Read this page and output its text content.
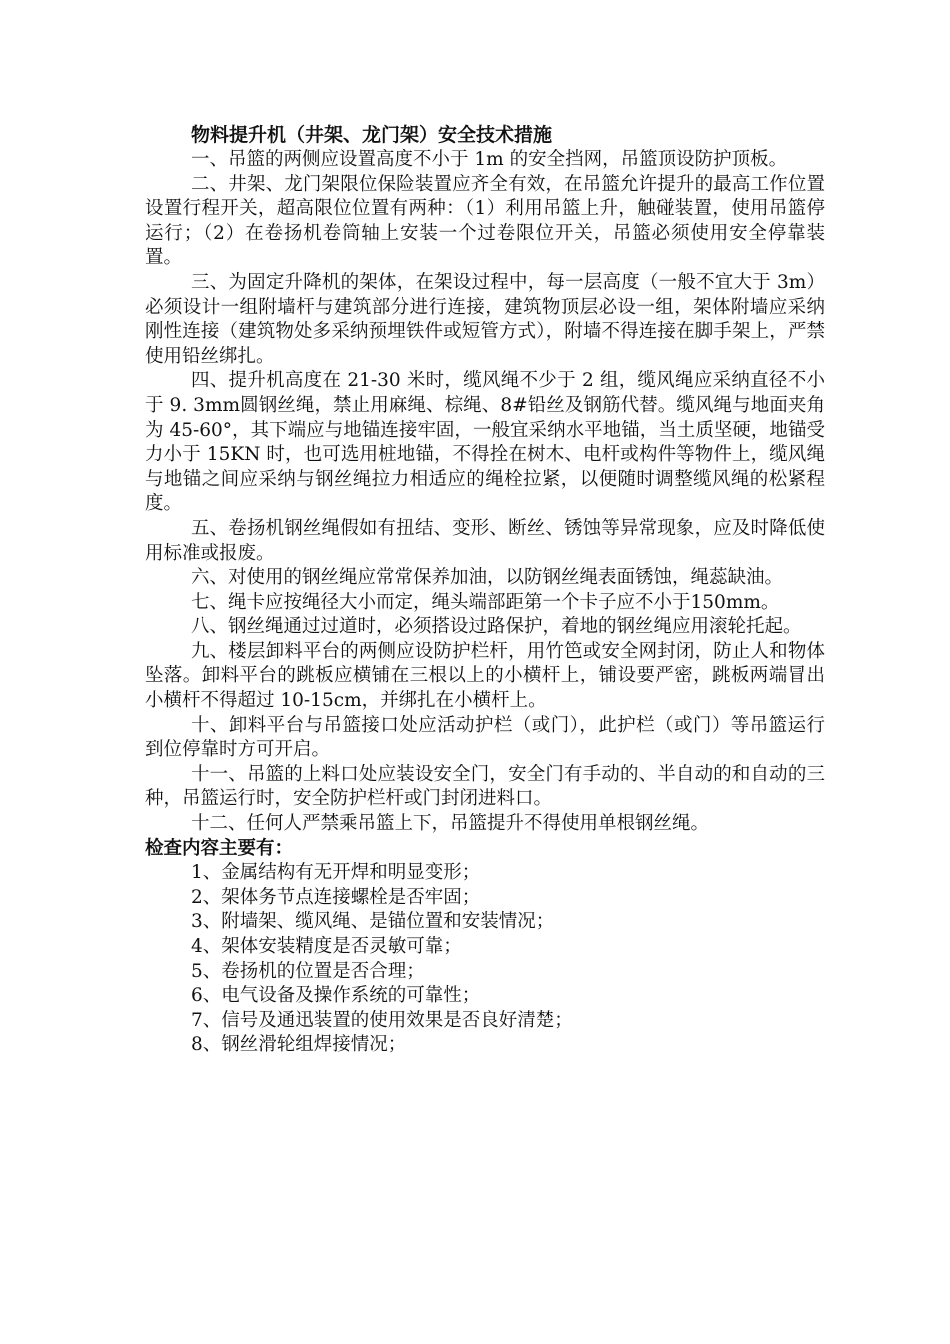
物料提升机（井架、龙门架）安全技术措施

一、吊篮的两侧应设置高度不小于 1m 的安全挡网，吊篮顶设防护顶板。

二、井架、龙门架限位保险装置应齐全有效，在吊篮允许提升的最高工作位置设置行程开关，超高限位位置有两种：（1）利用吊篮上升，触碰装置，使用吊篮停运行；（2）在卷扬机卷筒轴上安装一个过卷限位开关，吊篮必须使用安全停靠装置。

三、为固定升降机的架体，在架设过程中，每一层高度（一般不宜大于 3m）必须设计一组附墙杆与建筑部分进行连接，建筑物顶层必设一组，架体附墙应采纳刚性连接（建筑物处多采纳预埋铁件或短管方式），附墙不得连接在脚手架上，严禁使用铅丝绑扎。

四、提升机高度在 21-30 米时，缆风绳不少于 2 组，缆风绳应采纳直径不小于 9. 3mm圆钢丝绳，禁止用麻绳、棕绳、8#铅丝及钢筋代替。缆风绳与地面夹角为 45-60°，其下端应与地锚连接牢固，一般宜采纳水平地锚，当土质坚硬，地锚受力小于 15KN 时，也可选用桩地锚，不得拴在树木、电杆或构件等物件上，缆风绳与地锚之间应采纳与钢丝绳拉力相适应的绳栓拉紧，以便随时调整缆风绳的松紧程度。

五、卷扬机钢丝绳假如有扭结、变形、断丝、锈蚀等异常现象，应及时降低使用标准或报废。

六、对使用的钢丝绳应常常保养加油，以防钢丝绳表面锈蚀，绳蕊缺油。

七、绳卡应按绳径大小而定，绳头端部距第一个卡子应不小于150mm。

八、钢丝绳通过过道时，必须搭设过路保护，着地的钢丝绳应用滚轮托起。

九、楼层卸料平台的两侧应设防护栏杆，用竹笆或安全网封闭，防止人和物体坠落。卸料平台的跳板应横铺在三根以上的小横杆上，铺设要严密，跳板两端冒出小横杆不得超过 10-15cm，并绑扎在小横杆上。

十、卸料平台与吊篮接口处应活动护栏（或门），此护栏（或门）等吊篮运行到位停靠时方可开启。

十一、吊篮的上料口处应装设安全门，安全门有手动的、半自动的和自动的三种，吊篮运行时，安全防护栏杆或门封闭进料口。

十二、任何人严禁乘吊篮上下，吊篮提升不得使用单根钢丝绳。

检查内容主要有：

1、金属结构有无开焊和明显变形；

2、架体务节点连接螺栓是否牢固；

3、附墙架、缆风绳、是锚位置和安装情况；

4、架体安装精度是否灵敏可靠；

5、卷扬机的位置是否合理；

6、电气设备及操作系统的可靠性；

7、信号及通迅装置的使用效果是否良好清楚；

8、钢丝滑轮组焊接情况；
